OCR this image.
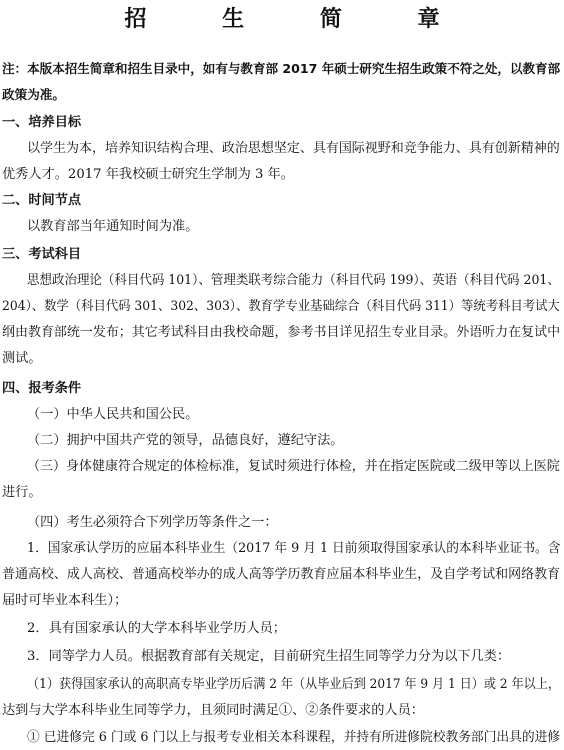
招 生 简 章
注：本版本招生简章和招生目录中，如有与教育部 2017 年硕士研究生招生政策不符之处，以教育部
政策为准。
一、培养目标
以学生为本，培养知识结构合理、政治思想坚定、具有国际视野和竞争能力、具有创新精神的
优秀人才。2017 年我校硕士研究生学制为 3 年。
二、时间节点
以教育部当年通知时间为准。
三、考试科目
思想政治理论（科目代码 101）、管理类联考综合能力（科目代码 199）、英语（科目代码 201、
204）、数学（科目代码 301、302、303）、教育学专业基础综合（科目代码 311）等统考科目考试大
纲由教育部统一发布；其它考试科目由我校命题，参考书目详见招生专业目录。外语听力在复试中
测试。
四、报考条件
（一）中华人民共和国公民。
（二）拥护中国共产党的领导，品德良好，遵纪守法。
（三）身体健康符合规定的体检标准，复试时须进行体检，并在指定医院或二级甲等以上医院
进行。
（四）考生必须符合下列学历等条件之一：
1．国家承认学历的应届本科毕业生（2017 年 9 月 1 日前须取得国家承认的本科毕业证书。含
普通高校、成人高校、普通高校举办的成人高等学历教育应届本科毕业生，及自学考试和网络教育
届时可毕业本科生）；
2．具有国家承认的大学本科毕业学历人员；
3．同等学力人员。根据教育部有关规定，目前研究生招生同等学力分为以下几类：
（1）获得国家承认的高职高专毕业学历后满 2 年（从毕业后到 2017 年 9 月 1 日）或 2 年以上，
达到与大学本科毕业生同等学力，且须同时满足①、②条件要求的人员：
① 已进修完 6 门或 6 门以上与报考专业相关本科课程，并持有所进修院校教务部门出具的进修
